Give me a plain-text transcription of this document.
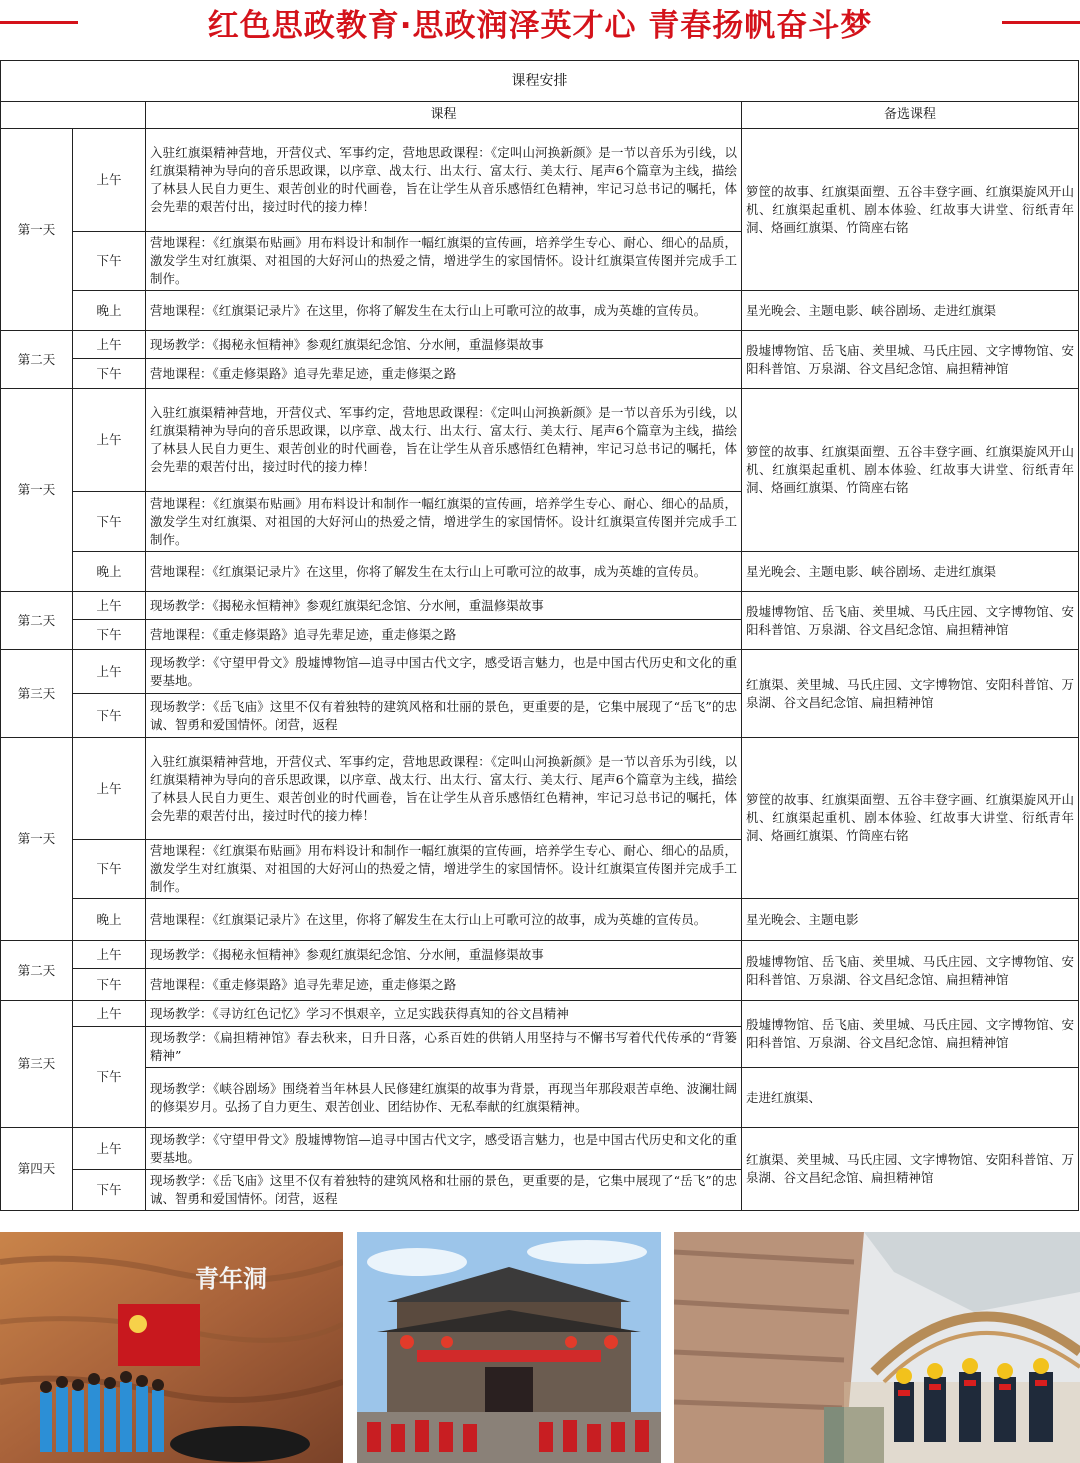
红色思政教育·思政润泽英才心 青春扬帆奋斗梦
课程安排			
		课程	备选课程
第一天	上午	入驻红旗渠精神营地，开营仪式、军事约定，营地思政课程：《定叫山河换新颜》是一节以音乐为引线，以红旗渠精神为导向的音乐思政课，以序章、战太行、出太行、富太行、美太行、尾声6个篇章为主线，描绘了林县人民自力更生、艰苦创业的时代画卷，旨在让学生从音乐感悟红色精神，牢记习总书记的嘱托，体会先辈的艰苦付出，接过时代的接力棒！	箩筐的故事、红旗渠面塑、五谷丰登字画、红旗渠旋风开山机、红旗渠起重机、剧本体验、红故事大讲堂、衍纸青年洞、烙画红旗渠、竹筒座右铭
	下午	营地课程：《红旗渠布贴画》用布料设计和制作一幅红旗渠的宣传画，培养学生专心、耐心、细心的品质，激发学生对红旗渠、对祖国的大好河山的热爱之情，增进学生的家国情怀。设计红旗渠宣传图并完成手工制作。	
	晚上	营地课程：《红旗渠记录片》在这里，你将了解发生在太行山上可歌可泣的故事，成为英雄的宣传员。	星光晚会、主题电影、峡谷剧场、走进红旗渠
第二天	上午	现场教学：《揭秘永恒精神》参观红旗渠纪念馆、分水闸，重温修渠故事	殷墟博物馆、岳飞庙、羑里城、马氏庄园、文字博物馆、安阳科普馆、万泉湖、谷文昌纪念馆、扁担精神馆
	下午	营地课程：《重走修渠路》追寻先辈足迹，重走修渠之路	
第一天	上午	入驻红旗渠精神营地，开营仪式、军事约定，营地思政课程：《定叫山河换新颜》是一节以音乐为引线，以红旗渠精神为导向的音乐思政课，以序章、战太行、出太行、富太行、美太行、尾声6个篇章为主线，描绘了林县人民自力更生、艰苦创业的时代画卷，旨在让学生从音乐感悟红色精神，牢记习总书记的嘱托，体会先辈的艰苦付出，接过时代的接力棒！	箩筐的故事、红旗渠面塑、五谷丰登字画、红旗渠旋风开山机、红旗渠起重机、剧本体验、红故事大讲堂、衍纸青年洞、烙画红旗渠、竹筒座右铭
	下午	营地课程：《红旗渠布贴画》用布料设计和制作一幅红旗渠的宣传画，培养学生专心、耐心、细心的品质，激发学生对红旗渠、对祖国的大好河山的热爱之情，增进学生的家国情怀。设计红旗渠宣传图并完成手工制作。	
	晚上	营地课程：《红旗渠记录片》在这里，你将了解发生在太行山上可歌可泣的故事，成为英雄的宣传员。	星光晚会、主题电影、峡谷剧场、走进红旗渠
第二天	上午	现场教学：《揭秘永恒精神》参观红旗渠纪念馆、分水闸，重温修渠故事	殷墟博物馆、岳飞庙、羑里城、马氏庄园、文字博物馆、安阳科普馆、万泉湖、谷文昌纪念馆、扁担精神馆
	下午	营地课程：《重走修渠路》追寻先辈足迹，重走修渠之路	
第三天	上午	现场教学：《守望甲骨文》殷墟博物馆—追寻中国古代文字，感受语言魅力，也是中国古代历史和文化的重要基地。	红旗渠、羑里城、马氏庄园、文字博物馆、安阳科普馆、万泉湖、谷文昌纪念馆、扁担精神馆
	下午	现场教学：《岳飞庙》这里不仅有着独特的建筑风格和壮丽的景色，更重要的是，它集中展现了“岳飞”的忠诚、智勇和爱国情怀。闭营，返程	
第一天	上午	入驻红旗渠精神营地，开营仪式、军事约定，营地思政课程：《定叫山河换新颜》是一节以音乐为引线，以红旗渠精神为导向的音乐思政课，以序章、战太行、出太行、富太行、美太行、尾声6个篇章为主线，描绘了林县人民自力更生、艰苦创业的时代画卷，旨在让学生从音乐感悟红色精神，牢记习总书记的嘱托，体会先辈的艰苦付出，接过时代的接力棒！	箩筐的故事、红旗渠面塑、五谷丰登字画、红旗渠旋风开山机、红旗渠起重机、剧本体验、红故事大讲堂、衍纸青年洞、烙画红旗渠、竹筒座右铭
	下午	营地课程：《红旗渠布贴画》用布料设计和制作一幅红旗渠的宣传画，培养学生专心、耐心、细心的品质，激发学生对红旗渠、对祖国的大好河山的热爱之情，增进学生的家国情怀。设计红旗渠宣传图并完成手工制作。	
	晚上	营地课程：《红旗渠记录片》在这里，你将了解发生在太行山上可歌可泣的故事，成为英雄的宣传员。	星光晚会、主题电影
第二天	上午	现场教学：《揭秘永恒精神》参观红旗渠纪念馆、分水闸，重温修渠故事	殷墟博物馆、岳飞庙、羑里城、马氏庄园、文字博物馆、安阳科普馆、万泉湖、谷文昌纪念馆、扁担精神馆
	下午	营地课程：《重走修渠路》追寻先辈足迹，重走修渠之路	
第三天	上午	现场教学：《寻访红色记忆》学习不惧艰辛，立足实践获得真知的谷文昌精神	殷墟博物馆、岳飞庙、羑里城、马氏庄园、文字博物馆、安阳科普馆、万泉湖、谷文昌纪念馆、扁担精神馆
	下午	现场教学：《扁担精神馆》春去秋来，日升日落，心系百姓的供销人用坚持与不懈书写着代代传承的“背篓精神”	
		现场教学：《峡谷剧场》围绕着当年林县人民修建红旗渠的故事为背景，再现当年那段艰苦卓绝、波澜壮阔的修渠岁月。弘扬了自力更生、艰苦创业、团结协作、无私奉献的红旗渠精神。	走进红旗渠、
第四天	上午	现场教学：《守望甲骨文》殷墟博物馆—追寻中国古代文字，感受语言魅力，也是中国古代历史和文化的重要基地。	红旗渠、羑里城、马氏庄园、文字博物馆、安阳科普馆、万泉湖、谷文昌纪念馆、扁担精神馆
	下午	现场教学：《岳飞庙》这里不仅有着独特的建筑风格和壮丽的景色，更重要的是，它集中展现了“岳飞”的忠诚、智勇和爱国情怀。闭营，返程	
青年洞
